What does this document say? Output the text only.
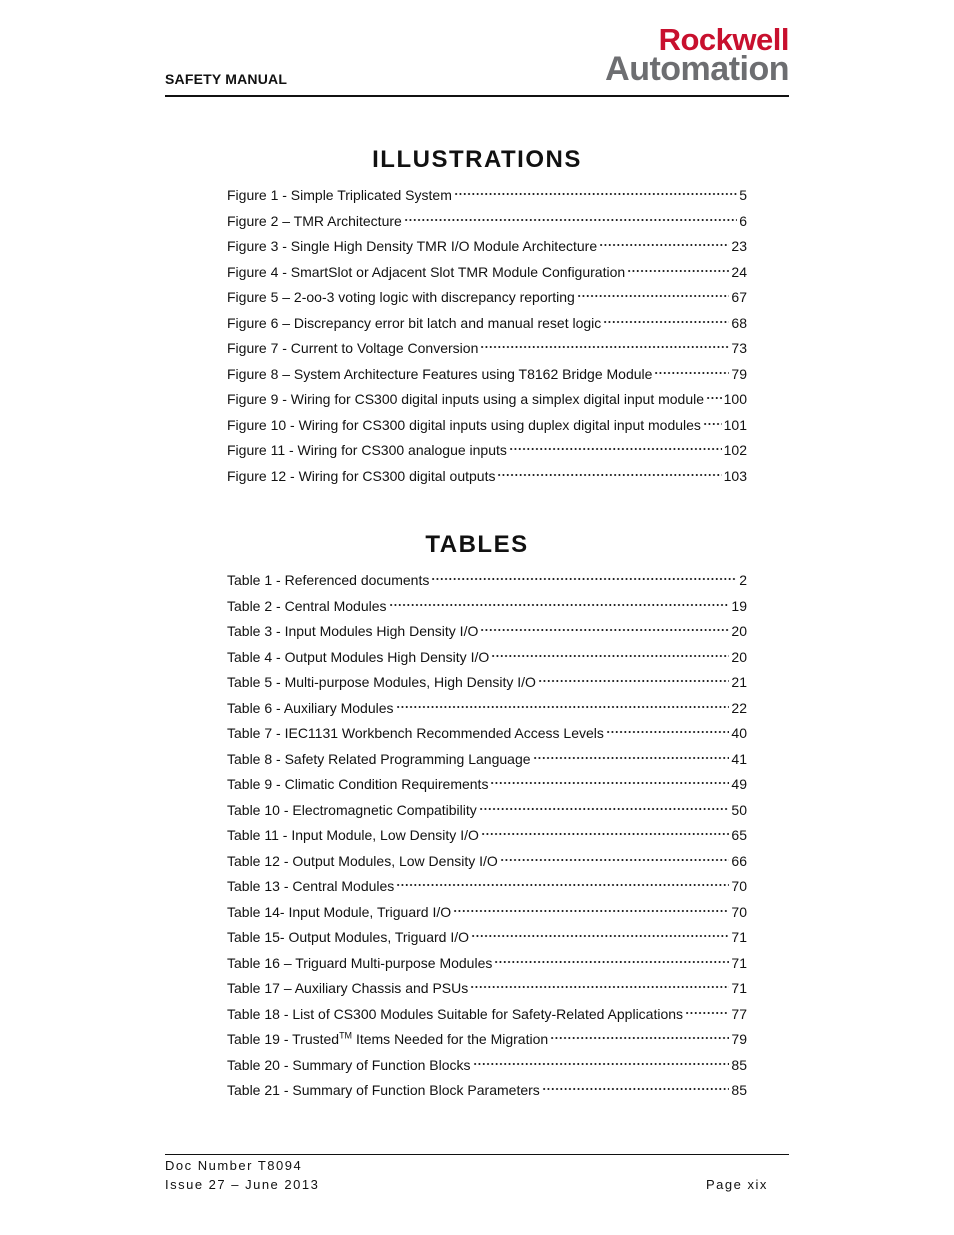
SAFETY MANUAL
Rockwell
Automation
ILLUSTRATIONS
Figure 1 - Simple Triplicated System	5
Figure 2 – TMR Architecture	6
Figure 3 - Single High Density TMR I/O Module Architecture	23
Figure 4 - SmartSlot or Adjacent Slot TMR Module Configuration	24
Figure 5 – 2-oo-3 voting logic with discrepancy reporting	67
Figure 6 – Discrepancy error bit latch and manual reset logic	68
Figure 7 - Current to Voltage Conversion	73
Figure 8 – System Architecture Features using T8162 Bridge Module	79
Figure 9 - Wiring for CS300 digital inputs using a simplex digital input module 100
Figure 10 - Wiring for CS300 digital inputs using duplex digital input modules 101
Figure 11 - Wiring for CS300 analogue inputs	102
Figure 12 - Wiring for CS300 digital outputs	103
TABLES
Table 1 - Referenced documents	2
Table 2 - Central Modules	19
Table 3 - Input Modules High Density I/O	20
Table 4 - Output Modules High Density I/O	20
Table 5 - Multi-purpose Modules, High Density I/O	21
Table 6 - Auxiliary Modules	22
Table 7 - IEC1131 Workbench Recommended Access Levels	40
Table 8 - Safety Related Programming Language	41
Table 9 - Climatic Condition Requirements	49
Table 10 - Electromagnetic Compatibility	50
Table 11 - Input Module, Low Density I/O	65
Table 12 - Output Modules, Low Density I/O	66
Table 13 - Central Modules	70
Table 14- Input Module, Triguard I/O	70
Table 15- Output Modules, Triguard I/O	71
Table 16 – Triguard Multi-purpose Modules	71
Table 17 – Auxiliary Chassis and PSUs	71
Table 18 - List of CS300 Modules Suitable for Safety-Related Applications	77
Table 19 - Trusted™ Items Needed for the Migration	79
Table 20 - Summary of Function Blocks	85
Table 21 - Summary of Function Block Parameters	85
Doc Number T8094
Issue 27 – June 2013	Page xix
